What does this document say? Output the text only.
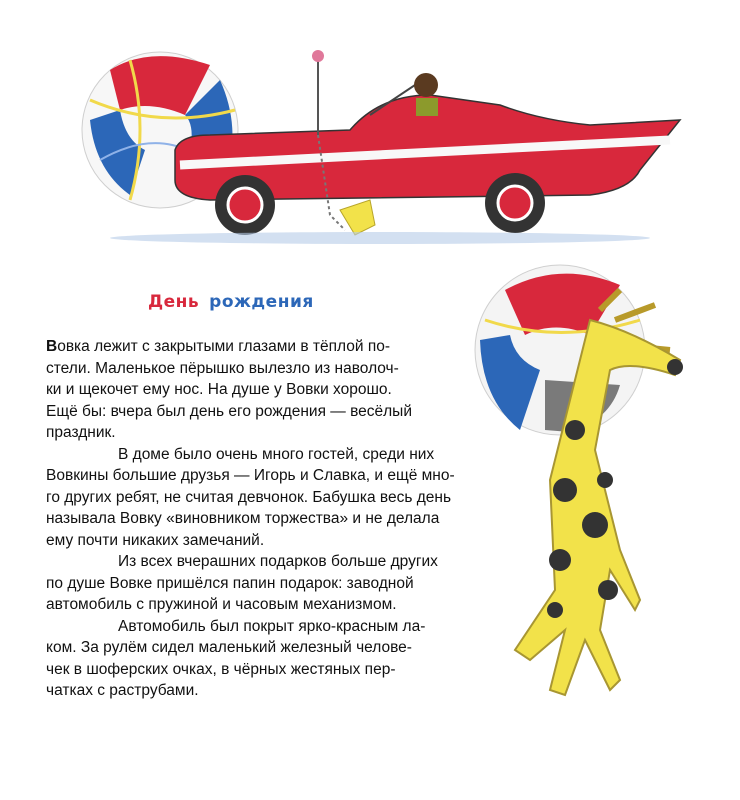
День рождения
Вовка лежит с закрытыми глазами в тёплой по-
стели. Маленькое пёрышко вылезло из наволоч-
ки и щекочет ему нос. На душе у Вовки хорошо.
Ещё бы: вчера был день его рождения — весёлый
праздник.
В доме было очень много гостей, среди них
Вовкины большие друзья — Игорь и Славка, и ещё мно-
го других ребят, не считая девчонок. Бабушка весь день
называла Вовку «виновником торжества» и не делала
ему почти никаких замечаний.
Из всех вчерашних подарков больше других
по душе Вовке пришёлся папин подарок: заводной
автомобиль с пружиной и часовым механизмом.
Автомобиль был покрыт ярко-красным ла-
ком. За рулём сидел маленький железный челове-
чек в шоферских очках, в чёрных жестяных пер-
чатках с раструбами.
